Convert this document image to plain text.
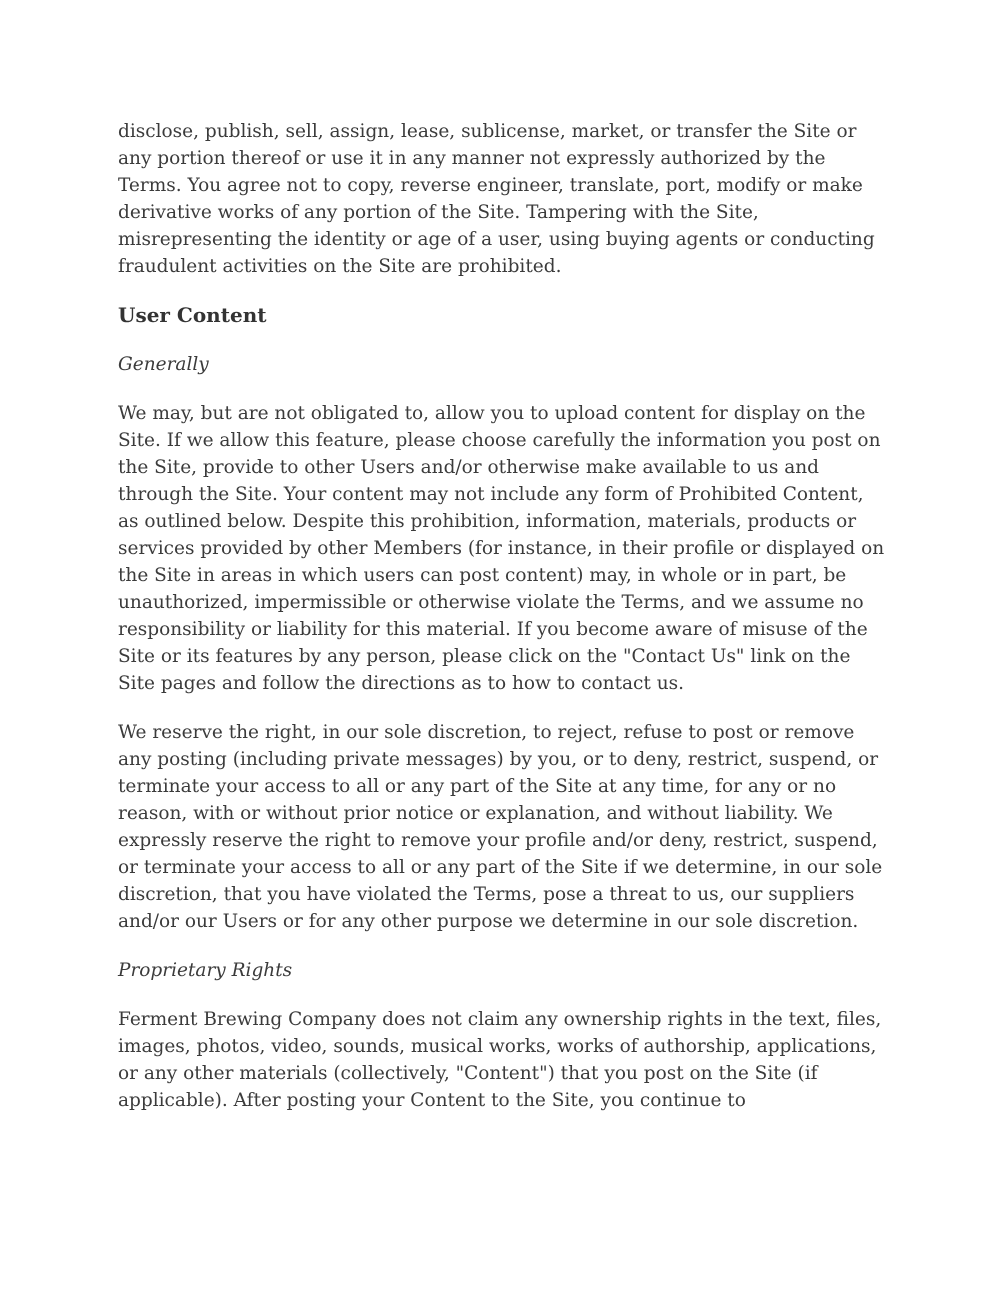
disclose, publish, sell, assign, lease, sublicense, market, or transfer the Site or any portion thereof or use it in any manner not expressly authorized by the Terms. You agree not to copy, reverse engineer, translate, port, modify or make derivative works of any portion of the Site. Tampering with the Site, misrepresenting the identity or age of a user, using buying agents or conducting fraudulent activities on the Site are prohibited.

User Content
Generally

We may, but are not obligated to, allow you to upload content for display on the Site. If we allow this feature, please choose carefully the information you post on the Site, provide to other Users and/or otherwise make available to us and through the Site. Your content may not include any form of Prohibited Content, as outlined below. Despite this prohibition, information, materials, products or services provided by other Members (for instance, in their profile or displayed on the Site in areas in which users can post content) may, in whole or in part, be unauthorized, impermissible or otherwise violate the Terms, and we assume no responsibility or liability for this material. If you become aware of misuse of the Site or its features by any person, please click on the "Contact Us" link on the Site pages and follow the directions as to how to contact us.

We reserve the right, in our sole discretion, to reject, refuse to post or remove any posting (including private messages) by you, or to deny, restrict, suspend, or terminate your access to all or any part of the Site at any time, for any or no reason, with or without prior notice or explanation, and without liability. We expressly reserve the right to remove your profile and/or deny, restrict, suspend, or terminate your access to all or any part of the Site if we determine, in our sole discretion, that you have violated the Terms, pose a threat to us, our suppliers and/or our Users or for any other purpose we determine in our sole discretion.

Proprietary Rights

Ferment Brewing Company does not claim any ownership rights in the text, files, images, photos, video, sounds, musical works, works of authorship, applications, or any other materials (collectively, "Content") that you post on the Site (if applicable). After posting your Content to the Site, you continue to
